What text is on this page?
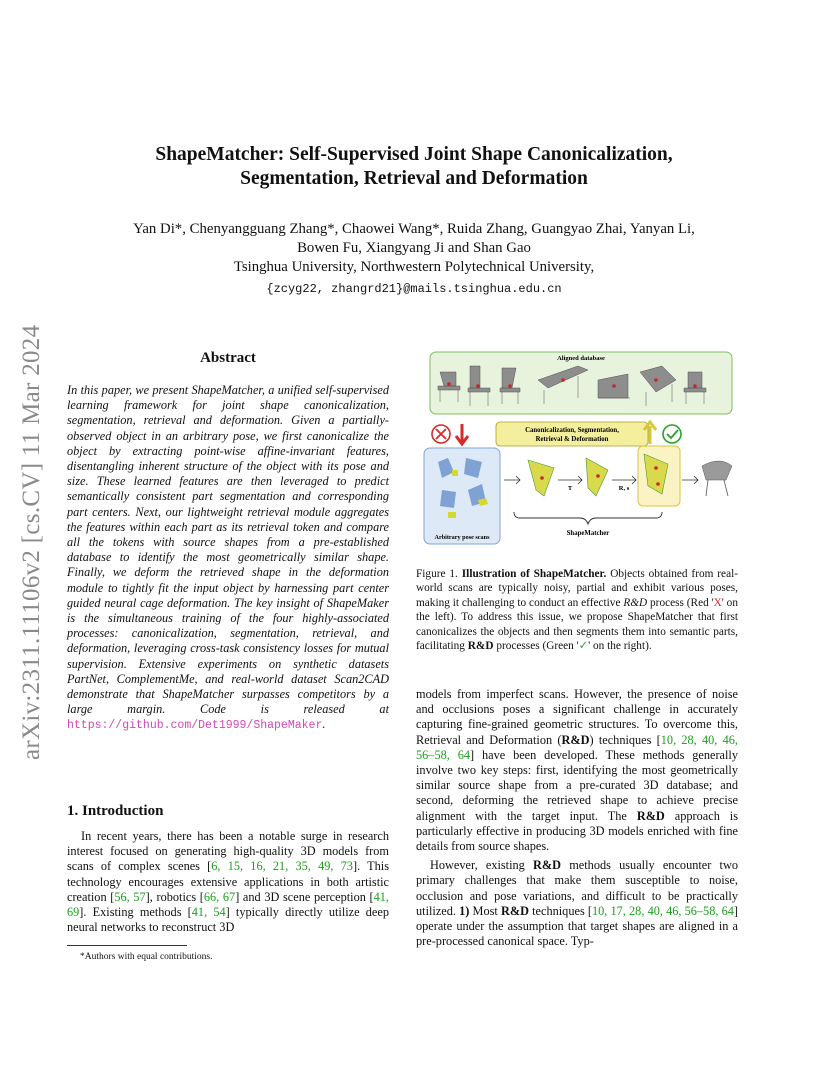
arXiv:2311.11106v2 [cs.CV] 11 Mar 2024
ShapeMatcher: Self-Supervised Joint Shape Canonicalization,
Segmentation, Retrieval and Deformation
Yan Di*, Chenyangguang Zhang*, Chaowei Wang*, Ruida Zhang, Guangyao Zhai, Yanyan Li,
Bowen Fu, Xiangyang Ji and Shan Gao
Tsinghua University, Northwestern Polytechnical University,
{zcyg22, zhangrd21}@mails.tsinghua.edu.cn
Abstract
In this paper, we present ShapeMatcher, a unified self-supervised learning framework for joint shape canonicalization, segmentation, retrieval and deformation. Given a partially-observed object in an arbitrary pose, we first canonicalize the object by extracting point-wise affine-invariant features, disentangling inherent structure of the object with its pose and size. These learned features are then leveraged to predict semantically consistent part segmentation and corresponding part centers. Next, our lightweight retrieval module aggregates the features within each part as its retrieval token and compare all the tokens with source shapes from a pre-established database to identify the most geometrically similar shape. Finally, we deform the retrieved shape in the deformation module to tightly fit the input object by harnessing part center guided neural cage deformation. The key insight of ShapeMaker is the simultaneous training of the four highly-associated processes: canonicalization, segmentation, retrieval, and deformation, leveraging cross-task consistency losses for mutual supervision. Extensive experiments on synthetic datasets PartNet, ComplementMe, and real-world dataset Scan2CAD demonstrate that ShapeMatcher surpasses competitors by a large margin. Code is released at https://github.com/Det1999/ShapeMaker.
1. Introduction
In recent years, there has been a notable surge in research interest focused on generating high-quality 3D models from scans of complex scenes [6, 15, 16, 21, 35, 49, 73]. This technology encourages extensive applications in both artistic creation [56, 57], robotics [66, 67] and 3D scene perception [41, 69]. Existing methods [41, 54] typically directly utilize deep neural networks to reconstruct 3D
*Authors with equal contributions.
Aligned database
Canonicalization, Segmentation,
Retrieval & Deformation
Arbitrary pose scans
T	R, s
ShapeMatcher
Figure 1. Illustration of ShapeMatcher. Objects obtained from real-world scans are typically noisy, partial and exhibit various poses, making it challenging to conduct an effective R&D process (Red 'X' on the left). To address this issue, we propose ShapeMatcher that first canonicalizes the objects and then segments them into semantic parts, facilitating R&D processes (Green '✓' on the right).
models from imperfect scans. However, the presence of noise and occlusions poses a significant challenge in accurately capturing fine-grained geometric structures. To overcome this, Retrieval and Deformation (R&D) techniques [10, 28, 40, 46, 56–58, 64] have been developed. These methods generally involve two key steps: first, identifying the most geometrically similar source shape from a pre-curated 3D database; and second, deforming the retrieved shape to achieve precise alignment with the target input. The R&D approach is particularly effective in producing 3D models enriched with fine details from source shapes.
However, existing R&D methods usually encounter two primary challenges that make them susceptible to noise, occlusion and pose variations, and difficult to be practically utilized. 1) Most R&D techniques [10, 17, 28, 40, 46, 56–58, 64] operate under the assumption that target shapes are aligned in a pre-processed canonical space. Typ-
